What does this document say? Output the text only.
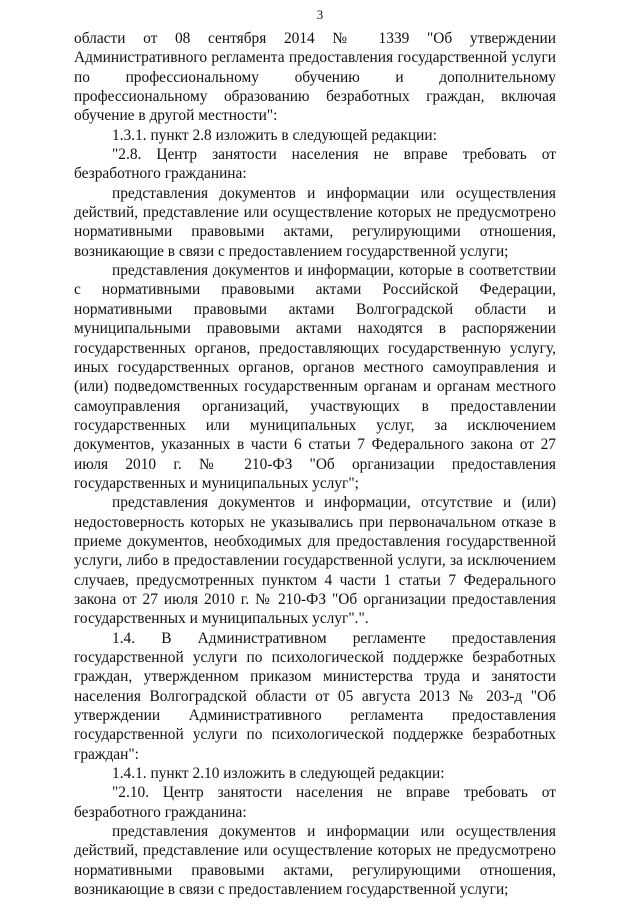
3

области от 08 сентября 2014 № 1339 "Об утверждении Административного регламента предоставления государственной услуги по профессиональному обучению и дополнительному профессиональному образованию безработных граждан, включая обучение в другой местности":

1.3.1. пункт 2.8 изложить в следующей редакции:

"2.8. Центр занятости населения не вправе требовать от безработного гражданина:

представления документов и информации или осуществления действий, представление или осуществление которых не предусмотрено нормативными правовыми актами, регулирующими отношения, возникающие в связи с предоставлением государственной услуги;

представления документов и информации, которые в соответствии с нормативными правовыми актами Российской Федерации, нормативными правовыми актами Волгоградской области и муниципальными правовыми актами находятся в распоряжении государственных органов, предоставляющих государственную услугу, иных государственных органов, органов местного самоуправления и (или) подведомственных государственным органам и органам местного самоуправления организаций, участвующих в предоставлении государственных или муниципальных услуг, за исключением документов, указанных в части 6 статьи 7 Федерального закона от 27 июля 2010 г. № 210-ФЗ "Об организации предоставления государственных и муниципальных услуг";

представления документов и информации, отсутствие и (или) недостоверность которых не указывались при первоначальном отказе в приеме документов, необходимых для предоставления государственной услуги, либо в предоставлении государственной услуги, за исключением случаев, предусмотренных пунктом 4 части 1 статьи 7 Федерального закона от 27 июля 2010 г. № 210-ФЗ "Об организации предоставления государственных и муниципальных услуг".".

1.4. В Административном регламенте предоставления государственной услуги по психологической поддержке безработных граждан, утвержденном приказом министерства труда и занятости населения Волгоградской области от 05 августа 2013 № 203-д "Об утверждении Административного регламента предоставления государственной услуги по психологической поддержке безработных граждан":

1.4.1. пункт 2.10 изложить в следующей редакции:

"2.10. Центр занятости населения не вправе требовать от безработного гражданина:

представления документов и информации или осуществления действий, представление или осуществление которых не предусмотрено нормативными правовыми актами, регулирующими отношения, возникающие в связи с предоставлением государственной услуги;
